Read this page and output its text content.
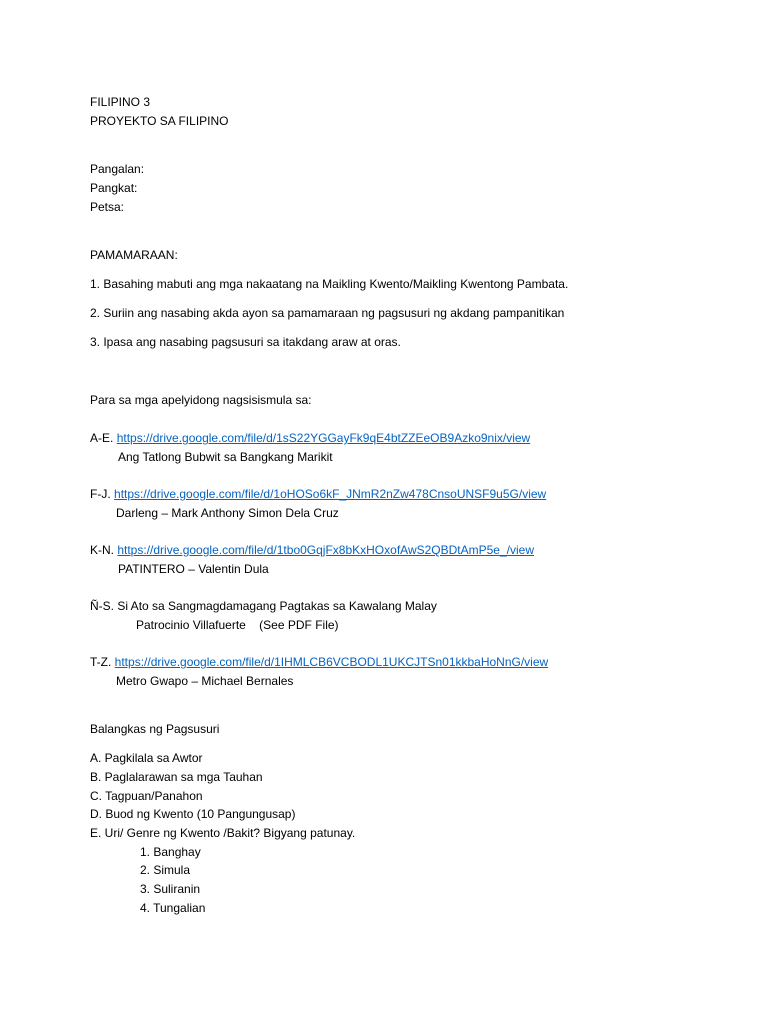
FILIPINO 3
PROYEKTO SA FILIPINO
Pangalan:
Pangkat:
Petsa:
PAMAMARAAN:
1. Basahing mabuti ang mga nakaatang na Maikling Kwento/Maikling Kwentong Pambata.
2. Suriin ang nasabing akda ayon sa pamamaraan ng pagsusuri ng akdang pampanitikan
3. Ipasa ang nasabing pagsusuri sa itakdang araw at oras.
Para sa mga apelyidong nagsisismula sa:
A-E. https://drive.google.com/file/d/1sS22YGGayFk9qE4btZZEeOB9Azko9nix/view
Ang Tatlong Bubwit sa Bangkang Marikit
F-J. https://drive.google.com/file/d/1oHOSo6kF_JNmR2nZw478CnsoUNSF9u5G/view
Darleng – Mark Anthony Simon Dela Cruz
K-N. https://drive.google.com/file/d/1tbo0GqjFx8bKxHOxofAwS2QBDtAmP5e_/view
PATINTERO – Valentin Dula
Ñ-S. Si Ato sa Sangmagdamagang Pagtakas sa Kawalang Malay
Patrocinio Villafuerte    (See PDF File)
T-Z. https://drive.google.com/file/d/1IHMLCB6VCBODL1UKCJTSn01kkbaHoNnG/view
Metro Gwapo – Michael Bernales
Balangkas ng Pagsusuri
A. Pagkilala sa Awtor
B. Paglalarawan sa mga Tauhan
C. Tagpuan/Panahon
D. Buod ng Kwento (10 Pangungusap)
E. Uri/ Genre ng Kwento /Bakit? Bigyang patunay.
1. Banghay
2. Simula
3. Suliranin
4. Tungalian
